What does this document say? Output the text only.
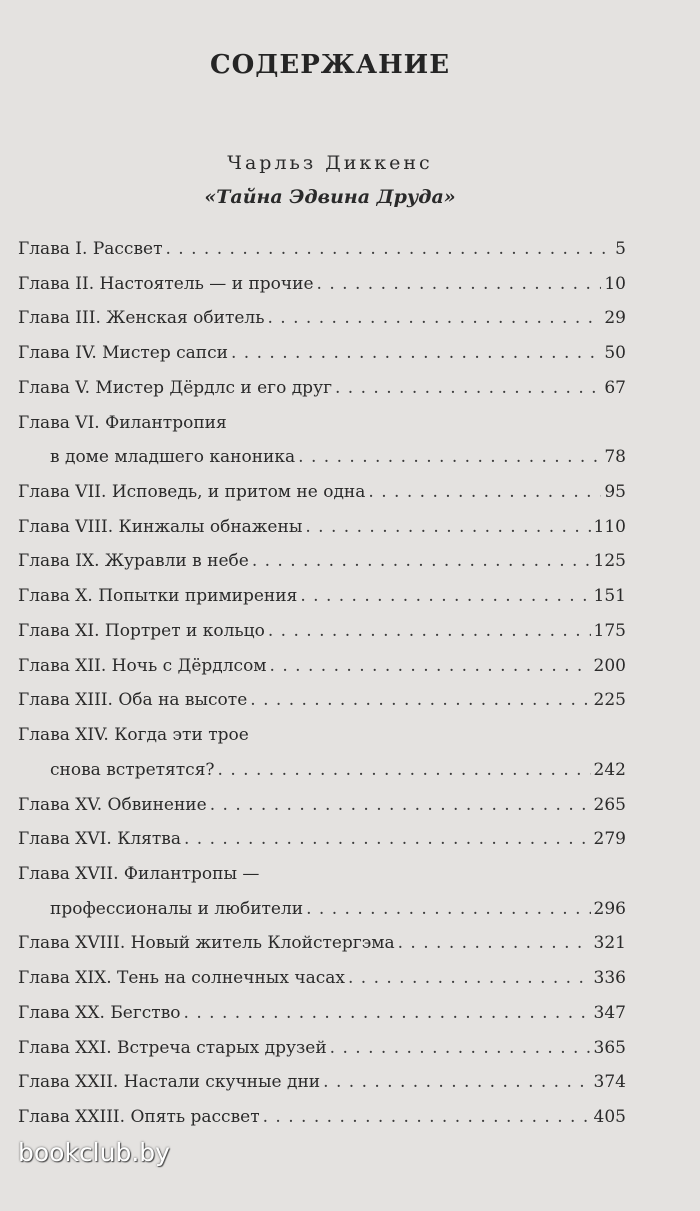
СОДЕРЖАНИЕ
Чарльз Диккенс
«Тайна Эдвина Друда»
Глава I. Рассвет . . .	5
Глава II. Настоятель — и прочие . . .	10
Глава III. Женская обитель . . .	29
Глава IV. Мистер сапси . . .	50
Глава V. Мистер Дёрдлс и его друг . . .	67
Глава VI. Филантропия
в доме младшего каноника . . .	78
Глава VII. Исповедь, и притом не одна . . .	95
Глава VIII. Кинжалы обнажены . . .	110
Глава IX. Журавли в небе . . .	125
Глава X. Попытки примирения . . .	151
Глава XI. Портрет и кольцо . . .	175
Глава XII. Ночь с Дёрдлсом . . .	200
Глава XIII. Оба на высоте . . .	225
Глава XIV. Когда эти трое
снова встретятся? . . .	242
Глава XV. Обвинение . . .	265
Глава XVI. Клятва . . .	279
Глава XVII. Филантропы —
профессионалы и любители . . .	296
Глава XVIII. Новый житель Клойстергэма . . .	321
Глава XIX. Тень на солнечных часах . . .	336
Глава XX. Бегство . . .	347
Глава XXI. Встреча старых друзей . . .	365
Глава XXII. Настали скучные дни . . .	374
Глава XXIII. Опять рассвет . . .	405
bookclub.by
